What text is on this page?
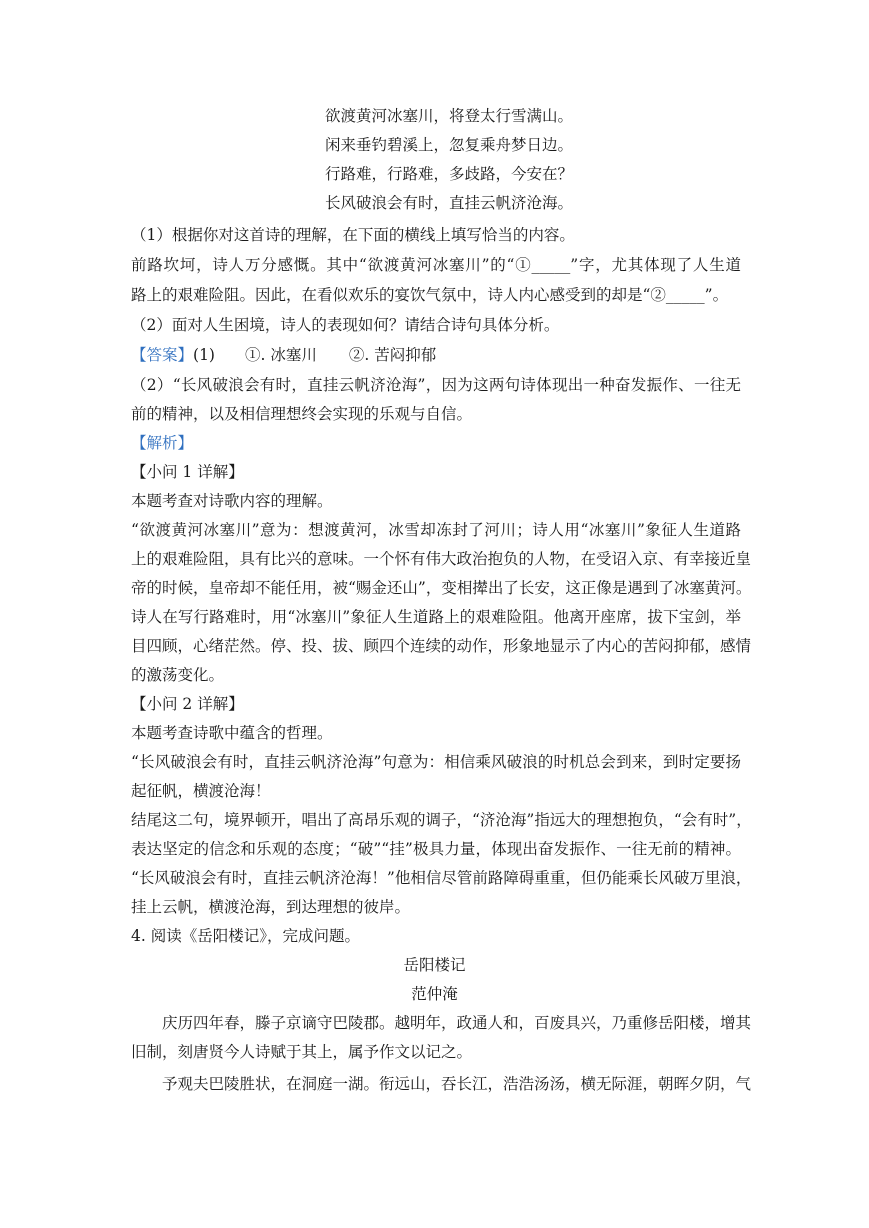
欲渡黄河冰塞川，将登太行雪满山。
闲来垂钓碧溪上，忽复乘舟梦日边。
行路难，行路难，多歧路，今安在？
长风破浪会有时，直挂云帆济沧海。
（1）根据你对这首诗的理解，在下面的横线上填写恰当的内容。
前路坎坷，诗人万分感慨。其中“欲渡黄河冰塞川”的“①_____”字，尤其体现了人生道
路上的艰难险阻。因此，在看似欢乐的宴饮气氛中，诗人内心感受到的却是“②_____”。
（2）面对人生困境，诗人的表现如何？请结合诗句具体分析。
【答案】(1) ①. 冰塞川 ②. 苦闷抑郁
（2）“长风破浪会有时，直挂云帆济沧海”，因为这两句诗体现出一种奋发振作、一往无
前的精神，以及相信理想终会实现的乐观与自信。
【解析】
【小问 1 详解】
本题考查对诗歌内容的理解。
“欲渡黄河冰塞川”意为：想渡黄河，冰雪却冻封了河川；诗人用“冰塞川”象征人生道路
上的艰难险阻，具有比兴的意味。一个怀有伟大政治抱负的人物，在受诏入京、有幸接近皇
帝的时候，皇帝却不能任用，被“赐金还山”，变相撵出了长安，这正像是遇到了冰塞黄河。
诗人在写行路难时，用“冰塞川”象征人生道路上的艰难险阻。他离开座席，拔下宝剑，举
目四顾，心绪茫然。停、投、拔、顾四个连续的动作，形象地显示了内心的苦闷抑郁，感情
的激荡变化。
【小问 2 详解】
本题考查诗歌中蕴含的哲理。
“长风破浪会有时，直挂云帆济沧海”句意为：相信乘风破浪的时机总会到来，到时定要扬
起征帆，横渡沧海！
结尾这二句，境界顿开，唱出了高昂乐观的调子，“济沧海”指远大的理想抱负，“会有时”，
表达坚定的信念和乐观的态度；“破”“挂”极具力量，体现出奋发振作、一往无前的精神。
“长风破浪会有时，直挂云帆济沧海！”他相信尽管前路障碍重重，但仍能乘长风破万里浪，
挂上云帆，横渡沧海，到达理想的彼岸。
4. 阅读《岳阳楼记》，完成问题。
岳阳楼记
范仲淹
庆历四年春，滕子京谪守巴陵郡。越明年，政通人和，百废具兴，乃重修岳阳楼，增其
旧制，刻唐贤今人诗赋于其上，属予作文以记之。
予观夫巴陵胜状，在洞庭一湖。衔远山，吞长江，浩浩汤汤，横无际涯，朝晖夕阴，气
